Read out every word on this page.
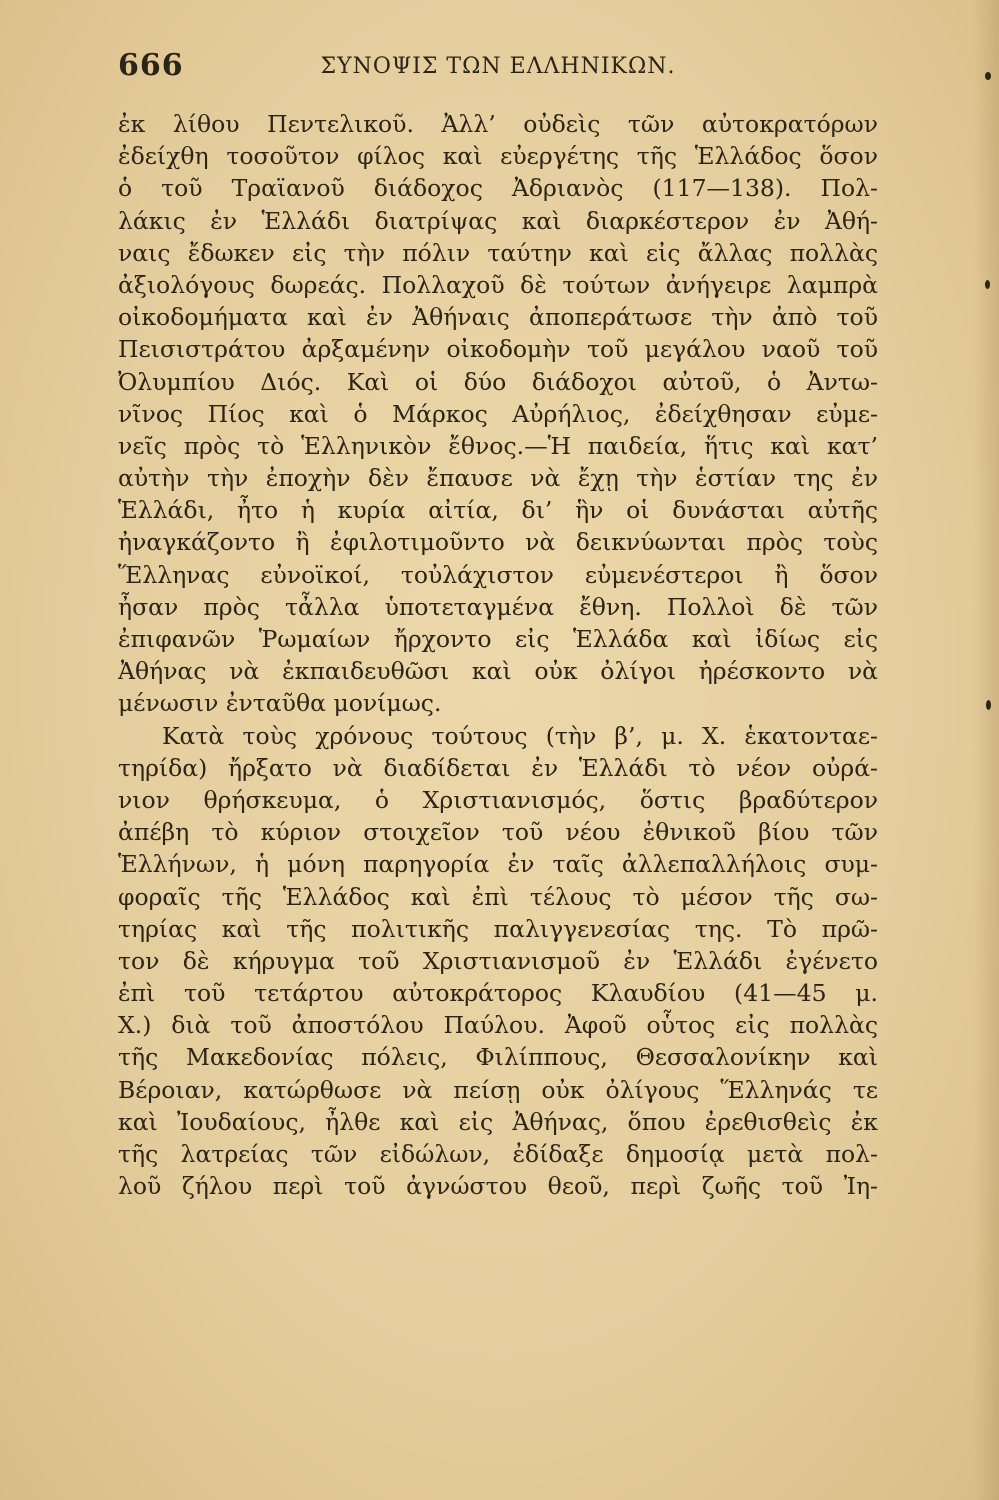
666	ΣΥΝΟΨΙΣ ΤΩΝ ΕΛΛΗΝΙΚΩΝ.
ἐκ λίθου Πεντελικοῦ. Ἀλλ’ οὐδεὶς τῶν αὐτοκρατόρων
ἐδείχθη τοσοῦτον φίλος καὶ εὐεργέτης τῆς Ἑλλάδος ὅσον
ὁ τοῦ Τραϊανοῦ διάδοχος Ἀδριανὸς (117—138). Πολ-
λάκις ἐν Ἑλλάδι διατρίψας καὶ διαρκέστερον ἐν Ἀθή-
ναις ἔδωκεν εἰς τὴν πόλιν ταύτην καὶ εἰς ἄλλας πολλὰς
ἀξιολόγους δωρεάς. Πολλαχοῦ δὲ τούτων ἀνήγειρε λαμπρὰ
οἰκοδομήματα καὶ ἐν Ἀθήναις ἀποπεράτωσε τὴν ἀπὸ τοῦ
Πεισιστράτου ἀρξαμένην οἰκοδομὴν τοῦ μεγάλου ναοῦ τοῦ
Ὀλυμπίου Διός. Καὶ οἱ δύο διάδοχοι αὐτοῦ, ὁ Ἀντω-
νῖνος Πίος καὶ ὁ Μάρκος Αὐρήλιος, ἐδείχθησαν εὐμε-
νεῖς πρὸς τὸ Ἑλληνικὸν ἔθνος.—Ἡ παιδεία, ἥτις καὶ κατ’
αὐτὴν τὴν ἐποχὴν δὲν ἔπαυσε νὰ ἔχῃ τὴν ἑστίαν της ἐν
Ἑλλάδι, ἦτο ἡ κυρία αἰτία, δι’ ἣν οἱ δυνάσται αὐτῆς
ἠναγκάζοντο ἢ ἐφιλοτιμοῦντο νὰ δεικνύωνται πρὸς τοὺς
Ἕλληνας εὐνοϊκοί, τοὐλάχιστον εὐμενέστεροι ἢ ὅσον
ἦσαν πρὸς τἆλλα ὑποτεταγμένα ἔθνη. Πολλοὶ δὲ τῶν
ἐπιφανῶν Ῥωμαίων ἤρχοντο εἰς Ἑλλάδα καὶ ἰδίως εἰς
Ἀθήνας νὰ ἐκπαιδευθῶσι καὶ οὐκ ὀλίγοι ἠρέσκοντο νὰ
μένωσιν ἐνταῦθα μονίμως.
Κατὰ τοὺς χρόνους τούτους (τὴν β’, μ. Χ. ἑκατονταε-
τηρίδα) ἤρξατο νὰ διαδίδεται ἐν Ἑλλάδι τὸ νέον οὐρά-
νιον θρήσκευμα, ὁ Χριστιανισμός, ὅστις βραδύτερον
ἀπέβη τὸ κύριον στοιχεῖον τοῦ νέου ἐθνικοῦ βίου τῶν
Ἑλλήνων, ἡ μόνη παρηγορία ἐν ταῖς ἀλλεπαλλήλοις συμ-
φοραῖς τῆς Ἑλλάδος καὶ ἐπὶ τέλους τὸ μέσον τῆς σω-
τηρίας καὶ τῆς πολιτικῆς παλιγγενεσίας της. Τὸ πρῶ-
τον δὲ κήρυγμα τοῦ Χριστιανισμοῦ ἐν Ἑλλάδι ἐγένετο
ἐπὶ τοῦ τετάρτου αὐτοκράτορος Κλαυδίου (41—45 μ.
Χ.) διὰ τοῦ ἀποστόλου Παύλου. Ἀφοῦ οὗτος εἰς πολλὰς
τῆς Μακεδονίας πόλεις, Φιλίππους, Θεσσαλονίκην καὶ
Βέροιαν, κατώρθωσε νὰ πείσῃ οὐκ ὀλίγους Ἕλληνάς τε
καὶ Ἰουδαίους, ἦλθε καὶ εἰς Ἀθήνας, ὅπου ἐρεθισθεὶς ἐκ
τῆς λατρείας τῶν εἰδώλων, ἐδίδαξε δημοσίᾳ μετὰ πολ-
λοῦ ζήλου περὶ τοῦ ἀγνώστου θεοῦ, περὶ ζωῆς τοῦ Ἰη-
